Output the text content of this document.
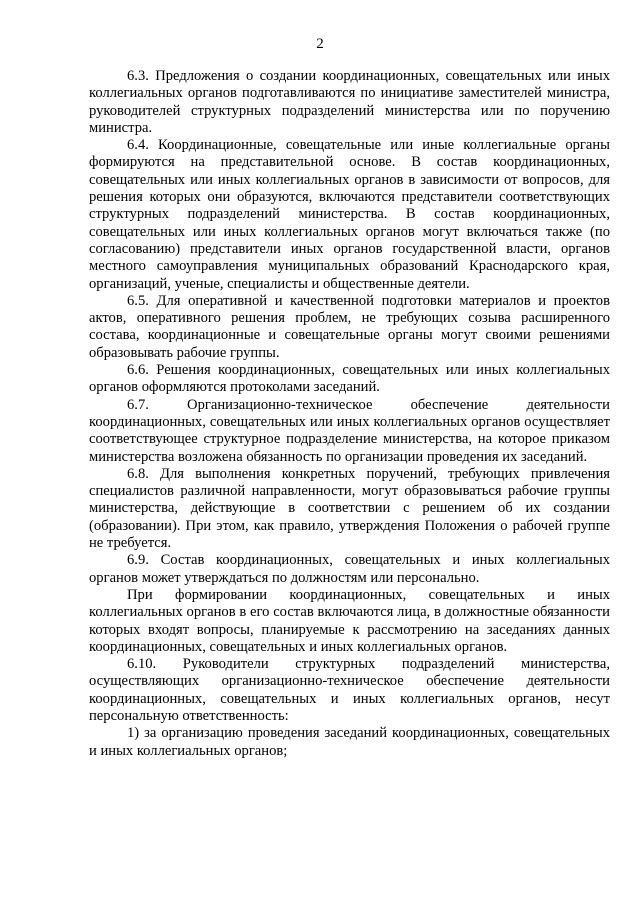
2

6.3. Предложения о создании координационных, совещательных или иных коллегиальных органов подготавливаются по инициативе заместителей министра, руководителей структурных подразделений министерства или по поручению министра.

6.4. Координационные, совещательные или иные коллегиальные органы формируются на представительной основе. В состав координационных, совещательных или иных коллегиальных органов в зависимости от вопросов, для решения которых они образуются, включаются представители соответствующих структурных подразделений министерства. В состав координационных, совещательных или иных коллегиальных органов могут включаться также (по согласованию) представители иных органов государственной власти, органов местного самоуправления муниципальных образований Краснодарского края, организаций, ученые, специалисты и общественные деятели.

6.5. Для оперативной и качественной подготовки материалов и проектов актов, оперативного решения проблем, не требующих созыва расширенного состава, координационные и совещательные органы могут своими решениями образовывать рабочие группы.

6.6. Решения координационных, совещательных или иных коллегиальных органов оформляются протоколами заседаний.

6.7. Организационно-техническое обеспечение деятельности координационных, совещательных или иных коллегиальных органов осуществляет соответствующее структурное подразделение министерства, на которое приказом министерства возложена обязанность по организации проведения их заседаний.

6.8. Для выполнения конкретных поручений, требующих привлечения специалистов различной направленности, могут образовываться рабочие группы министерства, действующие в соответствии с решением об их создании (образовании). При этом, как правило, утверждения Положения о рабочей группе не требуется.

6.9. Состав координационных, совещательных и иных коллегиальных органов может утверждаться по должностям или персонально.

При формировании координационных, совещательных и иных коллегиальных органов в его состав включаются лица, в должностные обязанности которых входят вопросы, планируемые к рассмотрению на заседаниях данных координационных, совещательных и иных коллегиальных органов.

6.10. Руководители структурных подразделений министерства, осуществляющих организационно-техническое обеспечение деятельности координационных, совещательных и иных коллегиальных органов, несут персональную ответственность:

1) за организацию проведения заседаний координационных, совещательных и иных коллегиальных органов;
